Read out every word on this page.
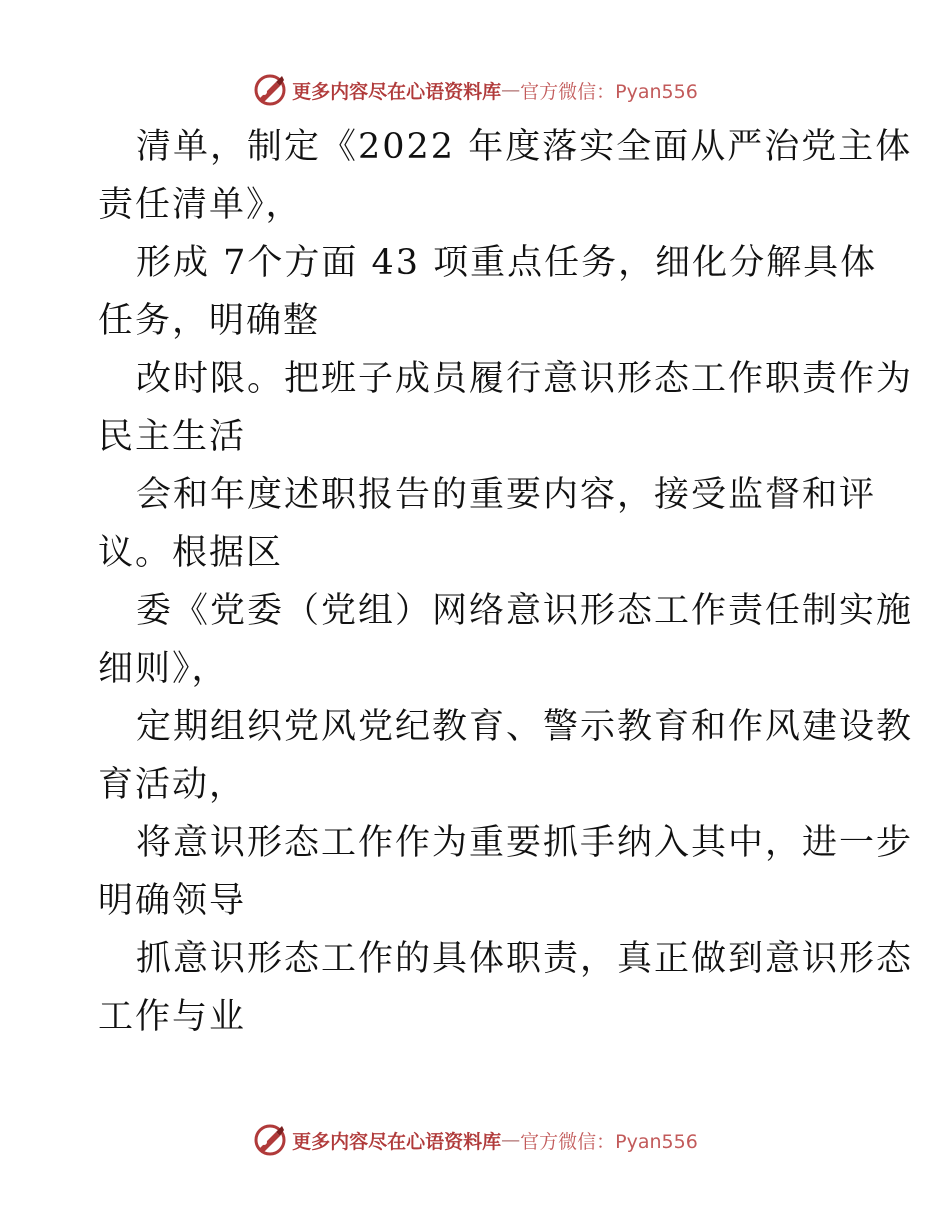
更多内容尽在心语资料库 — 官方微信：Pyan556
清单，制定《2022 年度落实全面从严治党主体
责任清单》，
形成 7个方面 43 项重点任务，细化分解具体
任务，明确整
改时限。把班子成员履行意识形态工作职责作为
民主生活
会和年度述职报告的重要内容，接受监督和评
议。根据区
委《党委（党组）网络意识形态工作责任制实施
细则》，
定期组织党风党纪教育、警示教育和作风建设教
育活动，
将意识形态工作作为重要抓手纳入其中，进一步
明确领导
抓意识形态工作的具体职责，真正做到意识形态
工作与业
更多内容尽在心语资料库 — 官方微信：Pyan556
